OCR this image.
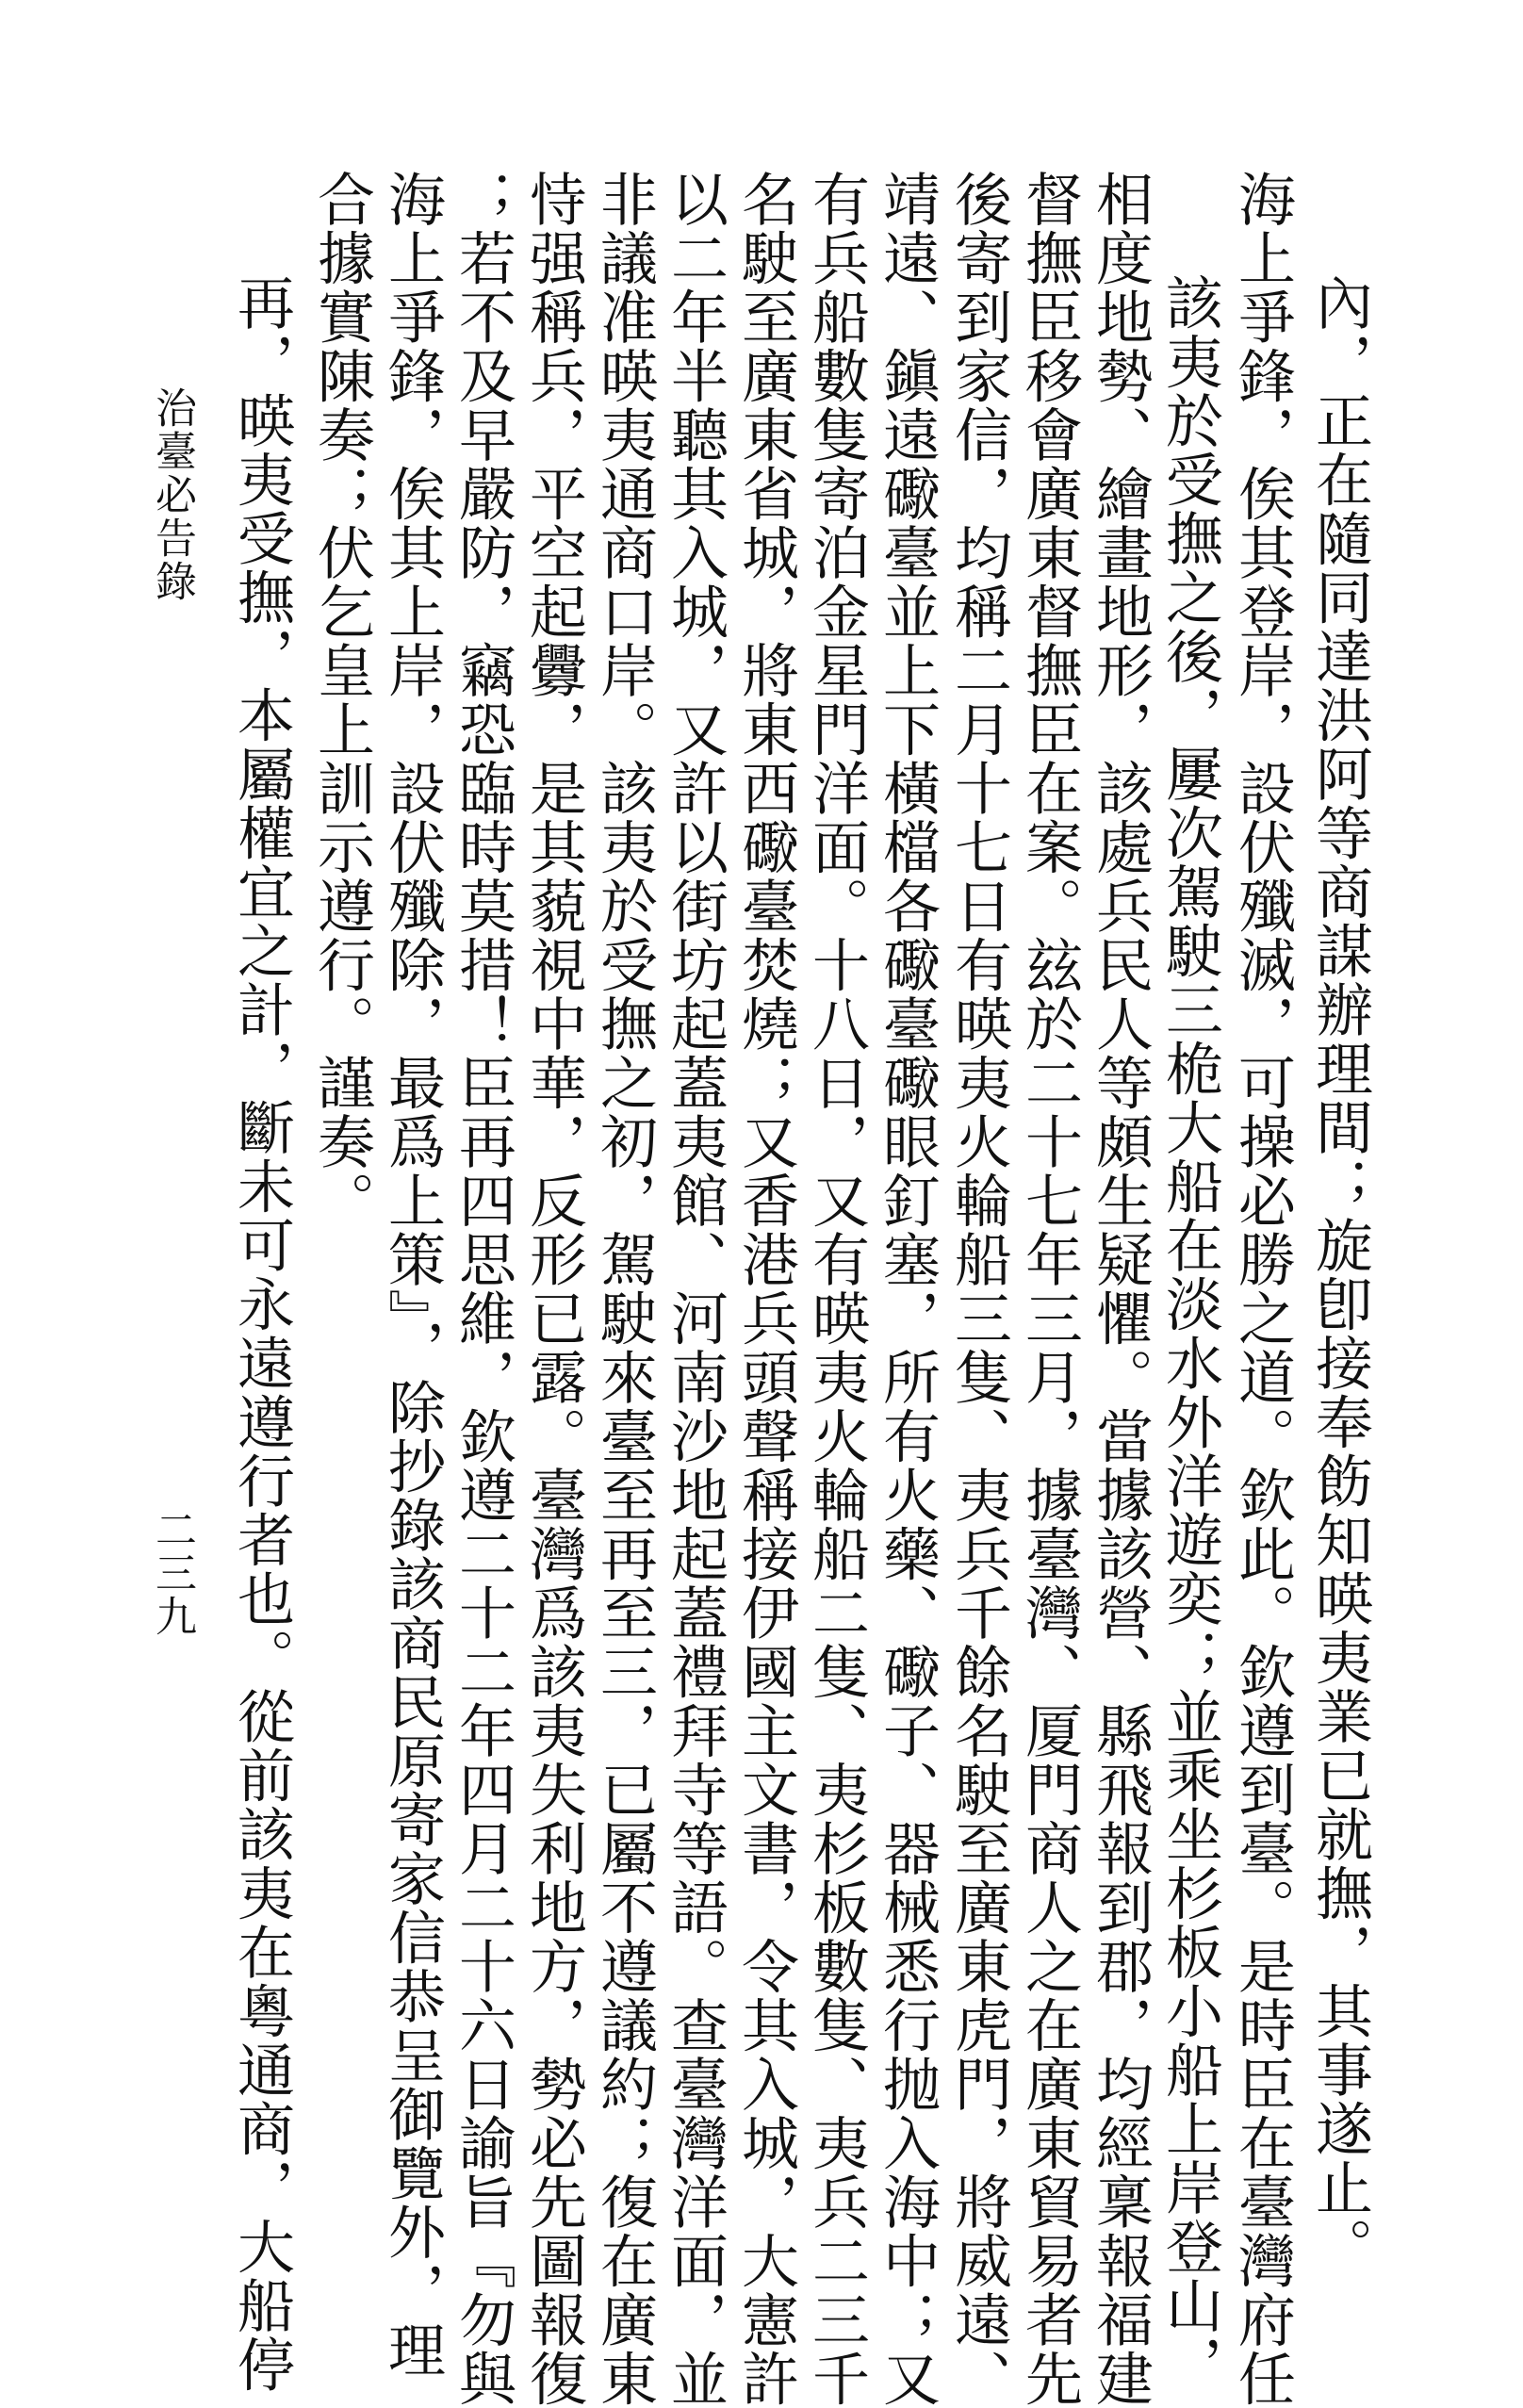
內，正在隨同達洪阿等商謀辦理間；旋卽接奉飭知暎夷業已就撫，其事遂止。
海上爭鋒，俟其登岸，設伏殲滅，可操必勝之道。欽此。欽遵到臺。是時臣在臺灣府任
該夷於受撫之後，屢次駕駛三桅大船在淡水外洋遊奕；並乘坐杉板小船上岸登山，
相度地勢、繪畫地形，該處兵民人等頗生疑懼。當據該營、縣飛報到郡，均經稟報福建
督撫臣移會廣東督撫臣在案。玆於二十七年三月，據臺灣、厦門商人之在廣東貿易者先
後寄到家信，均稱二月十七日有暎夷火輪船三隻、夷兵千餘名駛至廣東虎門，將威遠、
靖遠、鎭遠礮臺並上下橫檔各礮臺礮眼釘塞，所有火藥、礮子、器械悉行抛入海中；又
有兵船數隻寄泊金星門洋面。十八日，又有暎夷火輪船二隻、夷杉板數隻、夷兵二三千
名駛至廣東省城，將東西礮臺焚燒；又香港兵頭聲稱接伊國主文書，令其入城，大憲許
以二年半聽其入城，又許以街坊起蓋夷館、河南沙地起蓋禮拜寺等語。查臺灣洋面，並
非議准暎夷通商口岸。該夷於受撫之初，駕駛來臺至再至三，已屬不遵議約；復在廣東
恃强稱兵，平空起釁，是其藐視中華，反形已露。臺灣爲該夷失利地方，勢必先圖報復
；若不及早嚴防，竊恐臨時莫措！臣再四思維，欽遵二十二年四月二十六日諭旨『勿與
海上爭鋒，俟其上岸，設伏殲除，最爲上策』，除抄錄該商民原寄家信恭呈御覽外，理
合據實陳奏；伏乞皇上訓示遵行。謹奏。
再，暎夷受撫，本屬權宜之計，斷未可永遠遵行者也。從前該夷在粵通商，大船停
二三九
治臺必告錄
